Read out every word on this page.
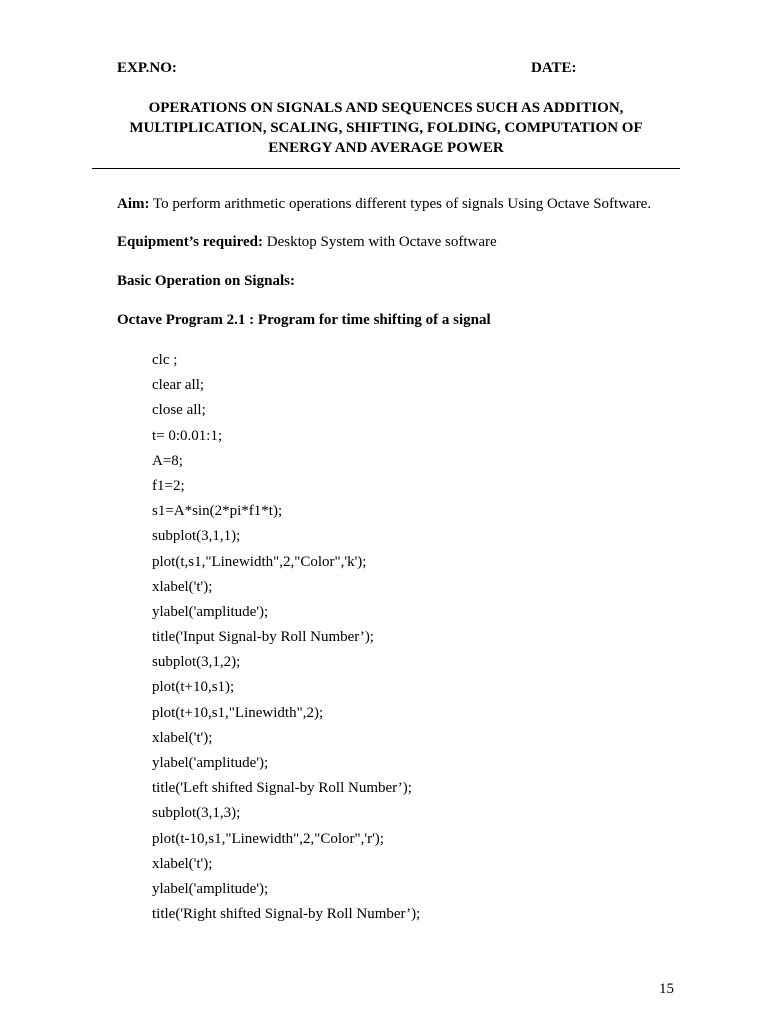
EXP.NO:	DATE:
OPERATIONS ON SIGNALS AND SEQUENCES SUCH AS ADDITION,
MULTIPLICATION, SCALING, SHIFTING, FOLDING, COMPUTATION OF
ENERGY AND AVERAGE POWER
Aim: To perform arithmetic operations different types of signals Using Octave Software.
Equipment’s required: Desktop System with Octave software
Basic Operation on Signals:
Octave Program 2.1 : Program for time shifting of a signal
clc ;
clear all;
close all;
t= 0:0.01:1;
A=8;
f1=2;
s1=A*sin(2*pi*f1*t);
subplot(3,1,1);
plot(t,s1,"Linewidth",2,"Color",'k');
xlabel('t');
ylabel('amplitude');
title('Input Signal-by Roll Number’);
subplot(3,1,2);
plot(t+10,s1);
plot(t+10,s1,"Linewidth",2);
xlabel('t');
ylabel('amplitude');
title('Left shifted Signal-by Roll Number’);
subplot(3,1,3);
plot(t-10,s1,"Linewidth",2,"Color",'r');
xlabel('t');
ylabel('amplitude');
title('Right shifted Signal-by Roll Number’);
15
